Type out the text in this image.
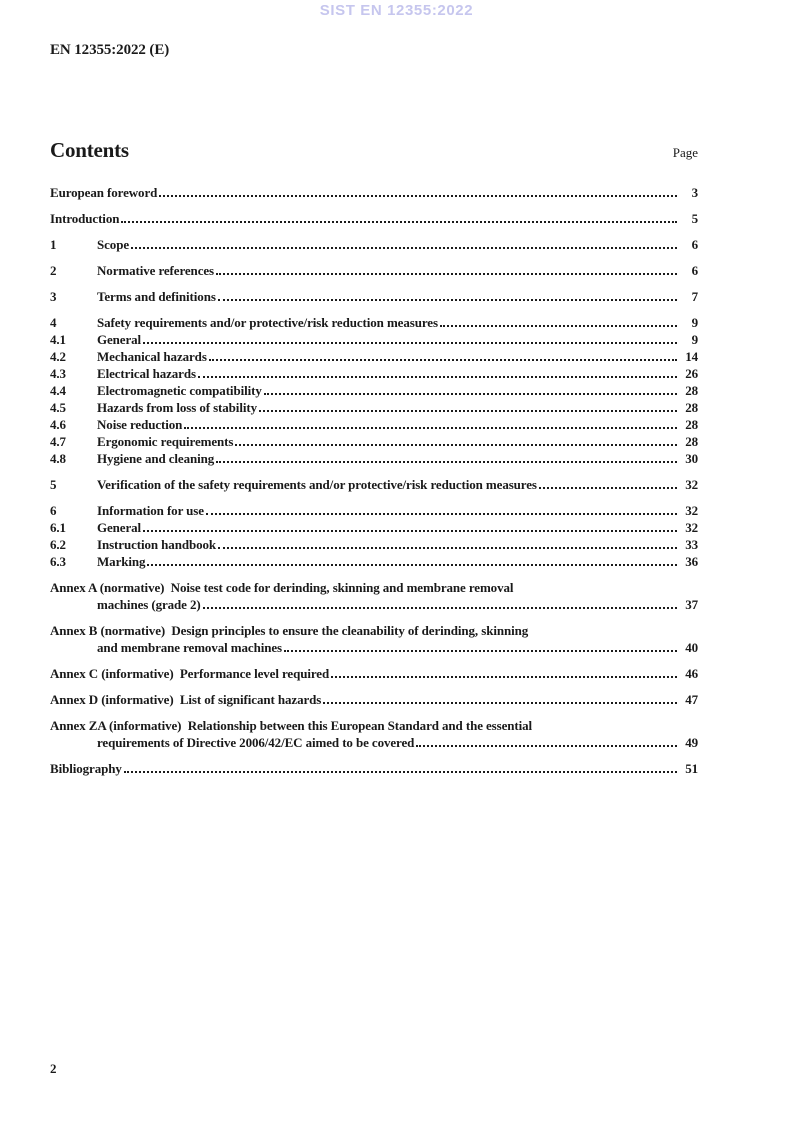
SIST EN 12355:2022
EN 12355:2022 (E)
Contents	Page
European foreword	3
Introduction	5
1	Scope	6
2	Normative references	6
3	Terms and definitions	7
4	Safety requirements and/or protective/risk reduction measures	9
4.1	General	9
4.2	Mechanical hazards	14
4.3	Electrical hazards	26
4.4	Electromagnetic compatibility	28
4.5	Hazards from loss of stability	28
4.6	Noise reduction	28
4.7	Ergonomic requirements	28
4.8	Hygiene and cleaning	30
5	Verification of the safety requirements and/or protective/risk reduction measures	32
6	Information for use	32
6.1	General	32
6.2	Instruction handbook	33
6.3	Marking	36
Annex A (normative)  Noise test code for derinding, skinning and membrane removal
machines (grade 2)	37
Annex B (normative)  Design principles to ensure the cleanability of derinding, skinning
and membrane removal machines	40
Annex C (informative)  Performance level required	46
Annex D (informative)  List of significant hazards	47
Annex ZA (informative)  Relationship between this European Standard and the essential
requirements of Directive 2006/42/EC aimed to be covered	49
Bibliography	51
2
